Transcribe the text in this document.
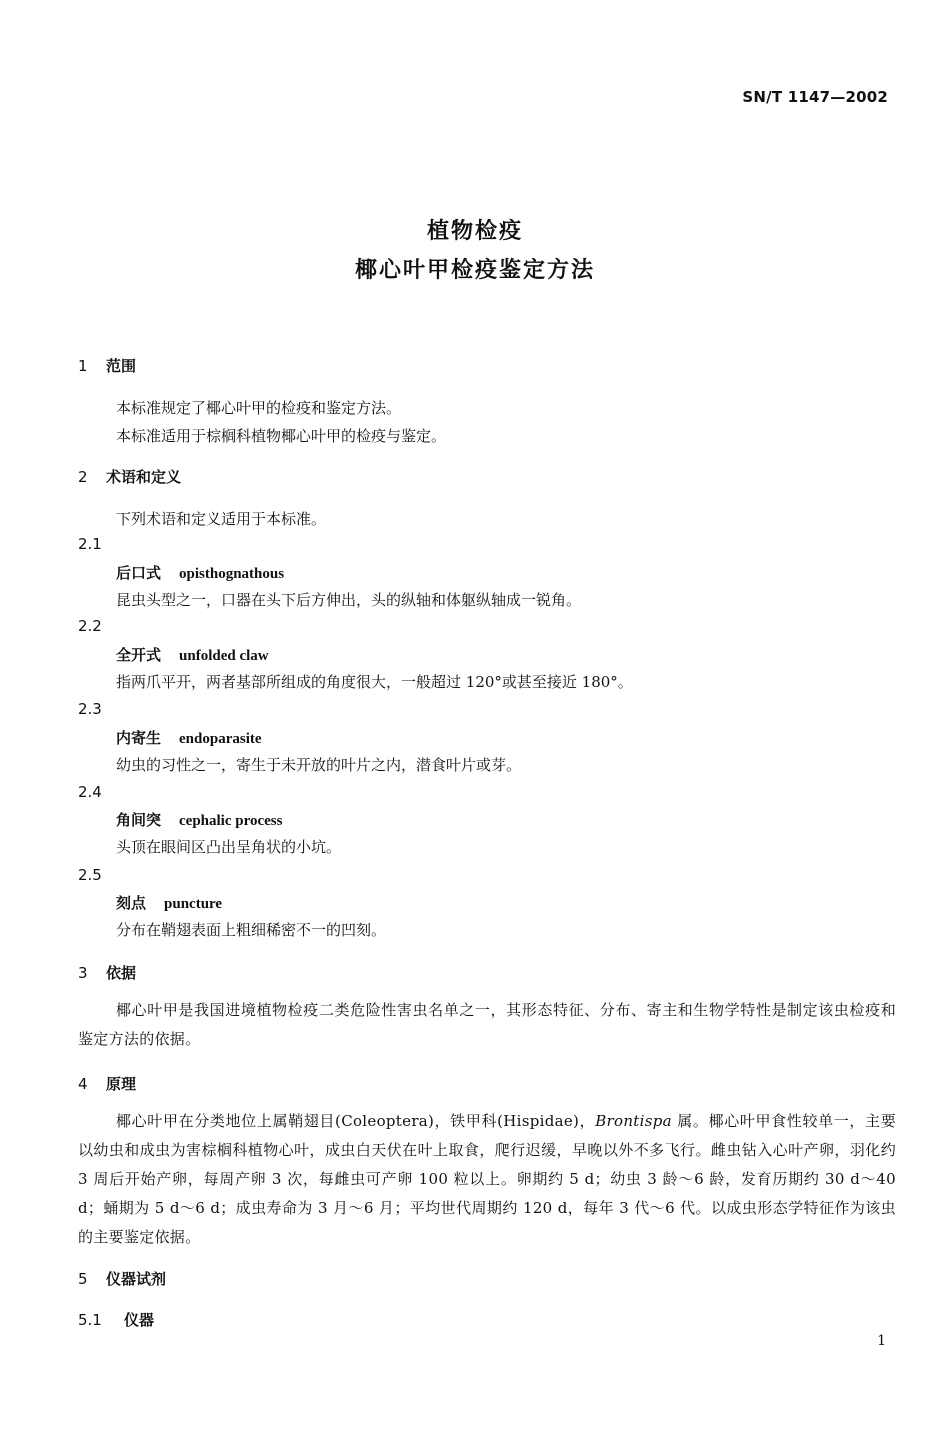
SN/T 1147—2002
植物检疫
椰心叶甲检疫鉴定方法
1 范围
本标准规定了椰心叶甲的检疫和鉴定方法。
本标准适用于棕榈科植物椰心叶甲的检疫与鉴定。
2 术语和定义
下列术语和定义适用于本标准。
2.1
后口式 opisthognathous
昆虫头型之一，口器在头下后方伸出，头的纵轴和体躯纵轴成一锐角。
2.2
全开式 unfolded claw
指两爪平开，两者基部所组成的角度很大，一般超过 120°或甚至接近 180°。
2.3
内寄生 endoparasite
幼虫的习性之一，寄生于未开放的叶片之内，潜食叶片或芽。
2.4
角间突 cephalic process
头顶在眼间区凸出呈角状的小坑。
2.5
刻点 puncture
分布在鞘翅表面上粗细稀密不一的凹刻。
3 依据
椰心叶甲是我国进境植物检疫二类危险性害虫名单之一，其形态特征、分布、寄主和生物学特性是制定该虫检疫和鉴定方法的依据。
4 原理
椰心叶甲在分类地位上属鞘翅目(Coleoptera)，铁甲科(Hispidae)，Brontispa 属。椰心叶甲食性较单一，主要以幼虫和成虫为害棕榈科植物心叶，成虫白天伏在叶上取食，爬行迟缓，早晚以外不多飞行。雌虫钻入心叶产卵，羽化约 3 周后开始产卵，每周产卵 3 次，每雌虫可产卵 100 粒以上。卵期约 5 d；幼虫 3 龄～6 龄，发育历期约 30 d～40 d；蛹期为 5 d～6 d；成虫寿命为 3 月～6 月；平均世代周期约 120 d，每年 3 代～6 代。以成虫形态学特征作为该虫的主要鉴定依据。
5 仪器试剂
5.1 仪器
1
